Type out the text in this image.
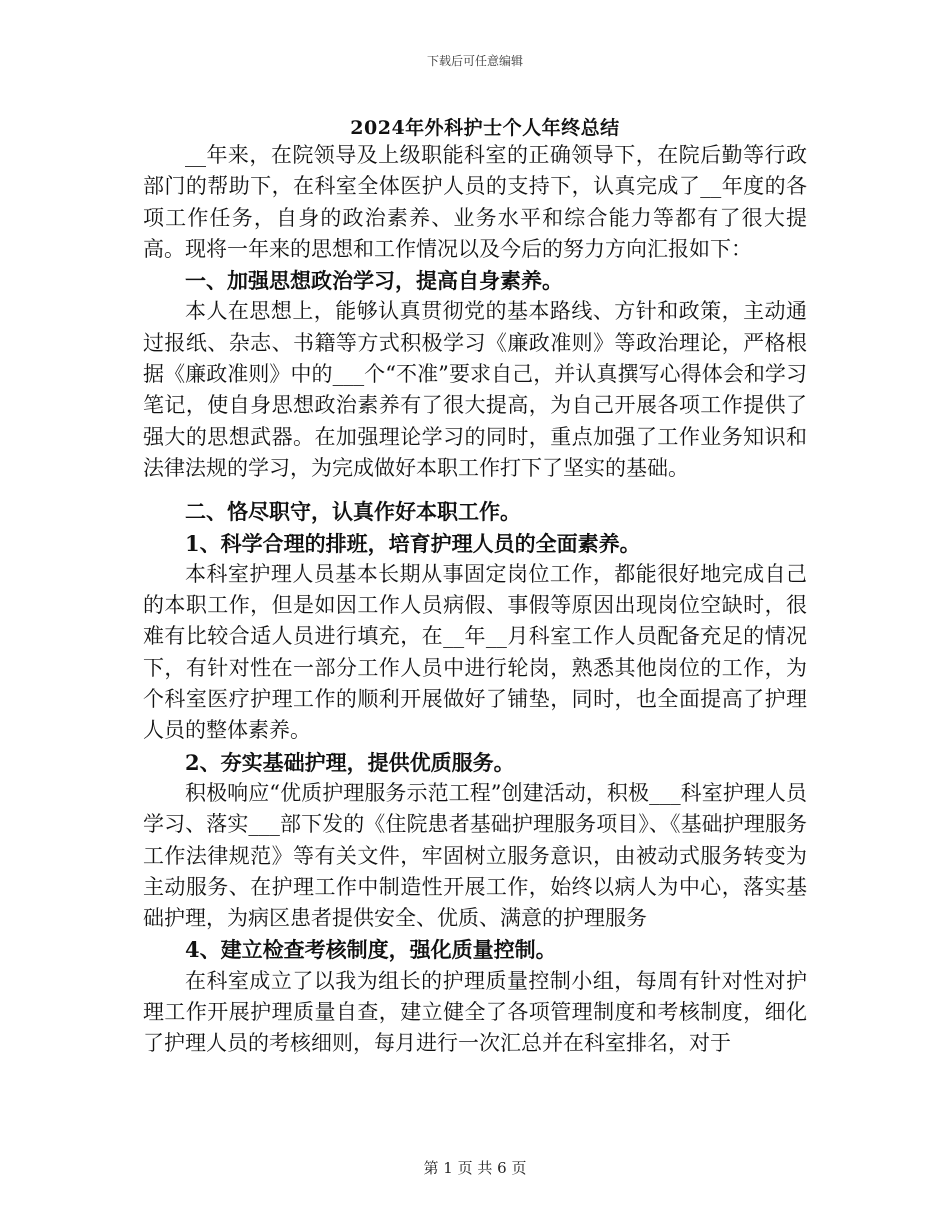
下载后可任意编辑
2024年外科护士个人年终总结

__年来，在院领导及上级职能科室的正确领导下，在院后勤等行政部门的帮助下，在科室全体医护人员的支持下，认真完成了__年度的各项工作任务，自身的政治素养、业务水平和综合能力等都有了很大提高。现将一年来的思想和工作情况以及今后的努力方向汇报如下：

一、加强思想政治学习，提高自身素养。

本人在思想上，能够认真贯彻党的基本路线、方针和政策，主动通过报纸、杂志、书籍等方式积极学习《廉政准则》等政治理论，严格根据《廉政准则》中的___个“不准”要求自己，并认真撰写心得体会和学习笔记，使自身思想政治素养有了很大提高，为自己开展各项工作提供了强大的思想武器。在加强理论学习的同时，重点加强了工作业务知识和法律法规的学习，为完成做好本职工作打下了坚实的基础。

二、恪尽职守，认真作好本职工作。

1、科学合理的排班，培育护理人员的全面素养。

本科室护理人员基本长期从事固定岗位工作，都能很好地完成自己的本职工作，但是如因工作人员病假、事假等原因出现岗位空缺时，很难有比较合适人员进行填充，在__年__月科室工作人员配备充足的情况下，有针对性在一部分工作人员中进行轮岗，熟悉其他岗位的工作，为个科室医疗护理工作的顺利开展做好了铺垫，同时，也全面提高了护理人员的整体素养。

2、夯实基础护理，提供优质服务。

积极响应“优质护理服务示范工程”创建活动，积极___科室护理人员学习、落实___部下发的《住院患者基础护理服务项目》、《基础护理服务工作法律规范》等有关文件，牢固树立服务意识，由被动式服务转变为主动服务、在护理工作中制造性开展工作，始终以病人为中心，落实基础护理，为病区患者提供安全、优质、满意的护理服务

4、建立检查考核制度，强化质量控制。

在科室成立了以我为组长的护理质量控制小组，每周有针对性对护理工作开展护理质量自查，建立健全了各项管理制度和考核制度，细化了护理人员的考核细则，每月进行一次汇总并在科室排名，对于

第 1 页 共 6 页
